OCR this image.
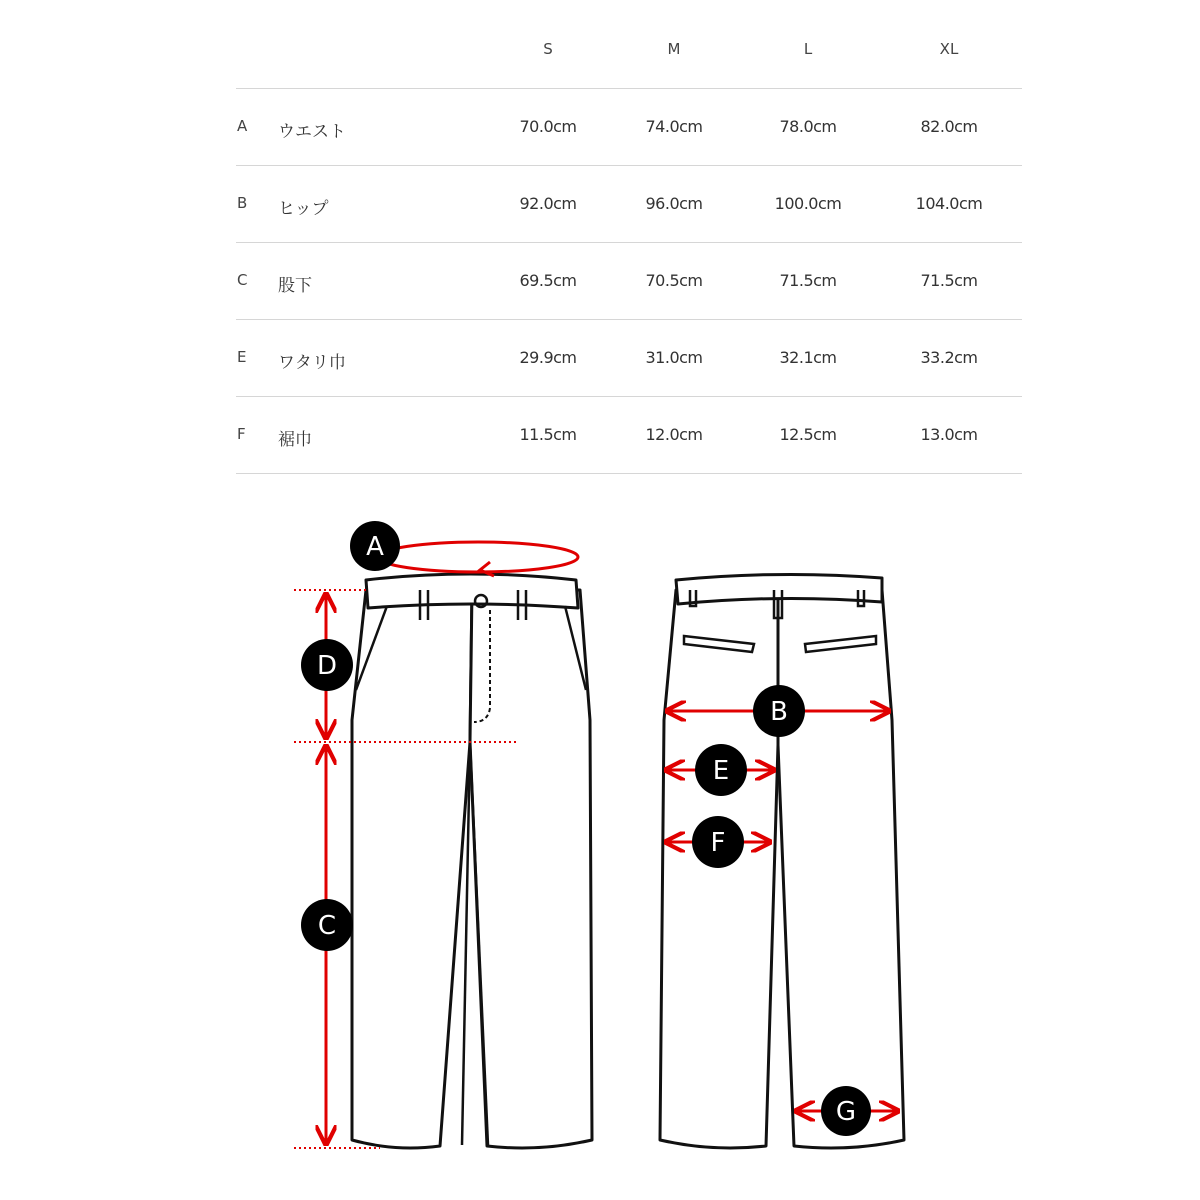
S	M	L	XL
A ウエスト	70.0cm	74.0cm	78.0cm	82.0cm
B ヒップ	92.0cm	96.0cm	100.0cm	104.0cm
C 股下	69.5cm	70.5cm	71.5cm	71.5cm
E ワタリ巾	29.9cm	31.0cm	32.1cm	33.2cm
F 裾巾	11.5cm	12.0cm	12.5cm	13.0cm
A
D
C
B
E
F
G
